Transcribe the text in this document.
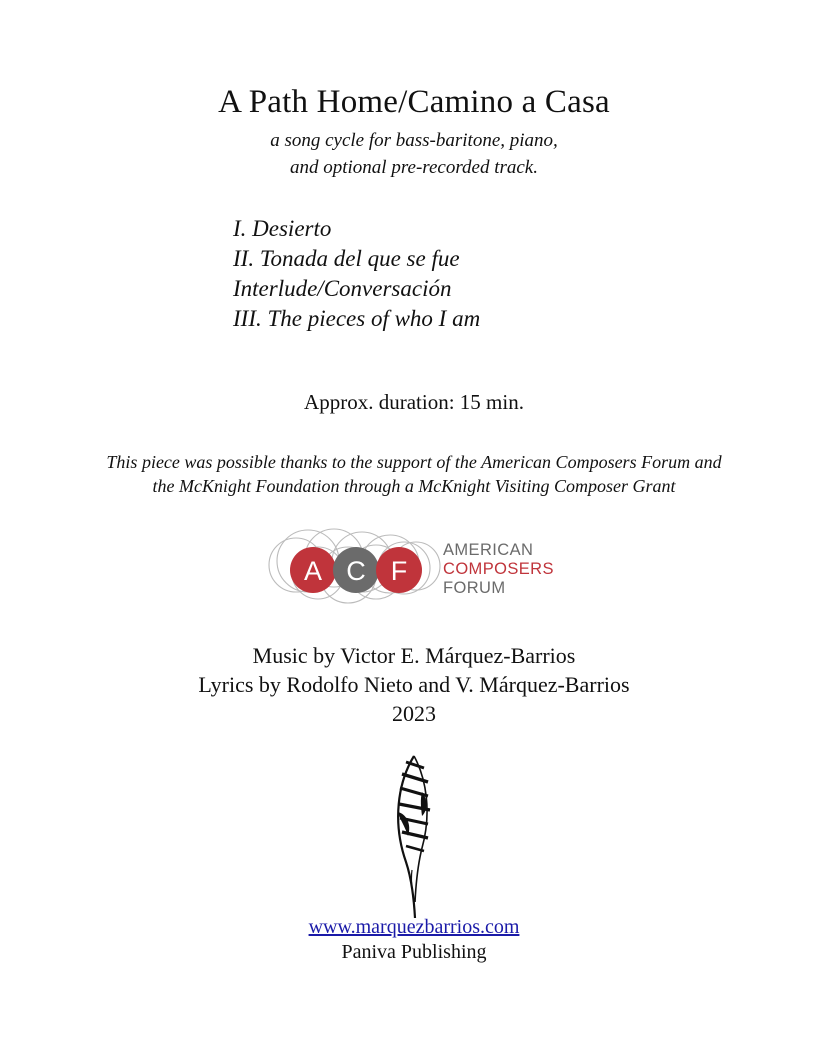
A Path Home/Camino a Casa
a song cycle for bass-baritone, piano,
and optional pre-recorded track.
I. Desierto
II. Tonada del que se fue
Interlude/Conversación
III. The pieces of who I am
Approx. duration: 15 min.
This piece was possible thanks to the support of the American Composers Forum and
the McKnight Foundation through a McKnight Visiting Composer Grant
A C F
AMERICAN
COMPOSERS
FORUM
Music by Victor E. Márquez-Barrios
Lyrics by Rodolfo Nieto and V. Márquez-Barrios
2023
www.marquezbarrios.com
Paniva Publishing
